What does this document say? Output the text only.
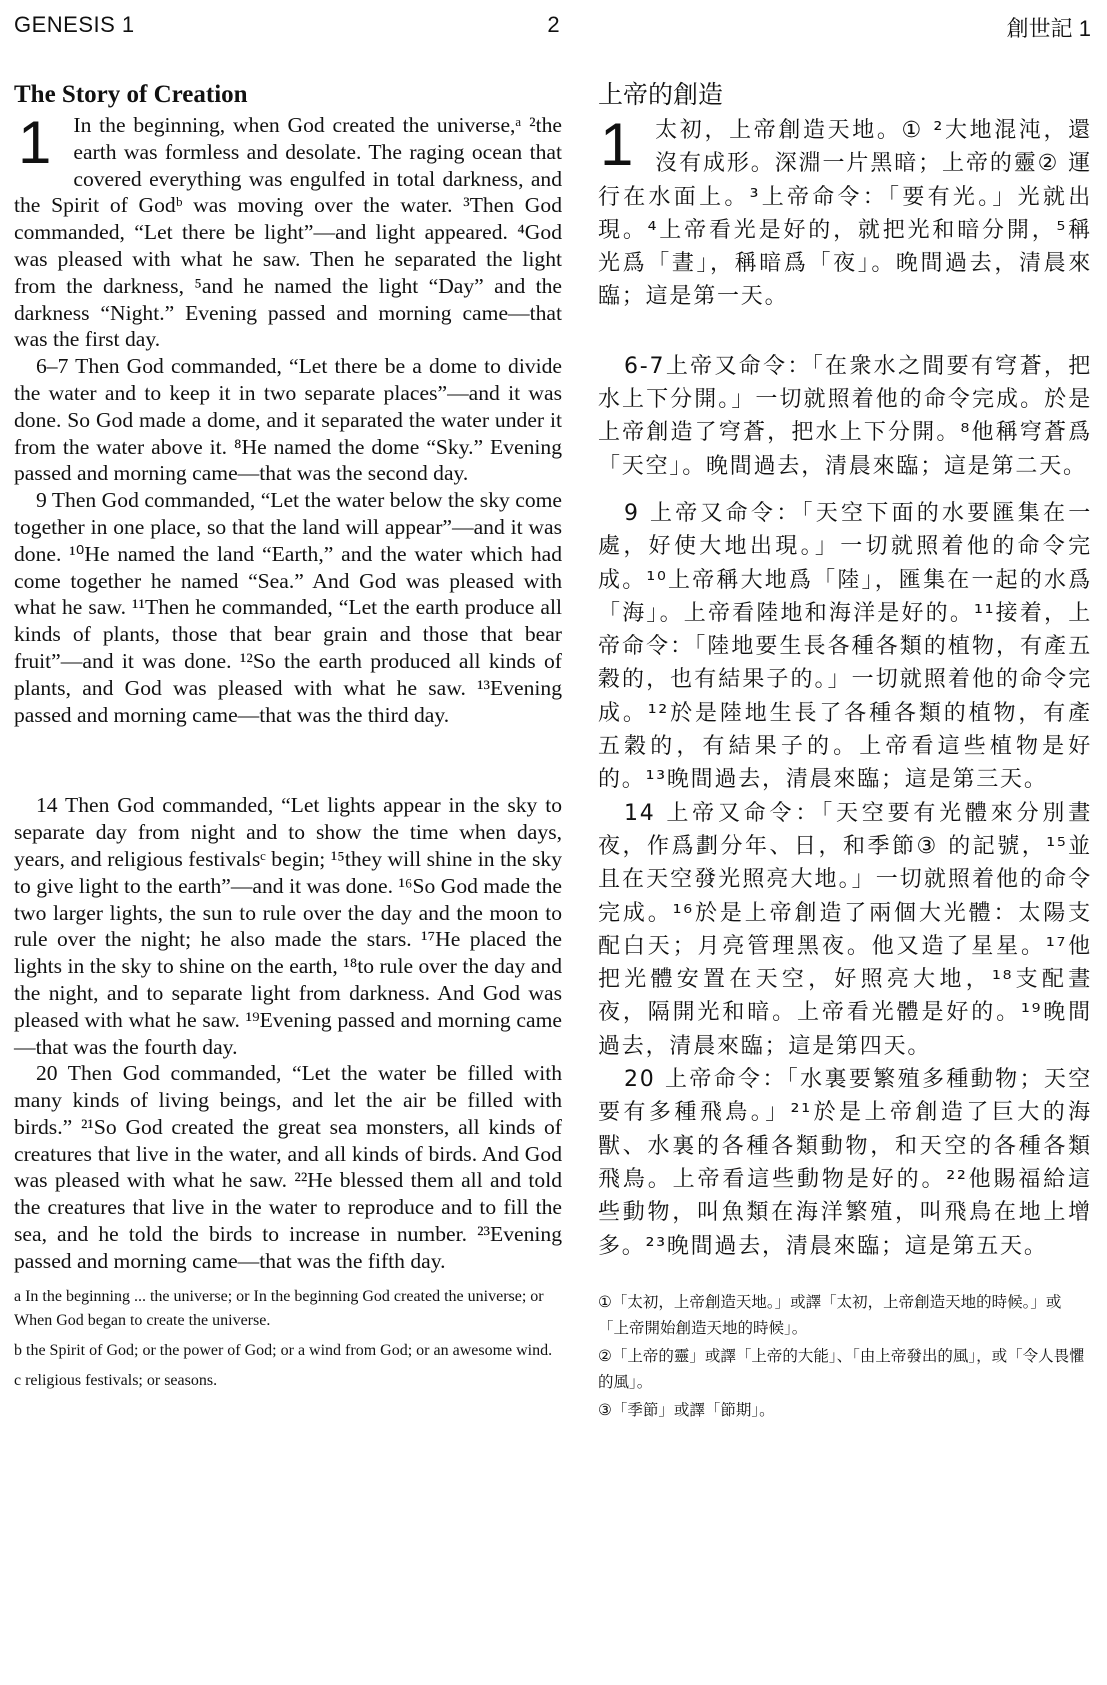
GENESIS 1	2	創世記 1
The Story of Creation

1 In the beginning, when God created the universe,ᵃ ²the earth was formless and desolate. The raging ocean that covered everything was engulfed in total darkness, and the Spirit of Godᵇ was moving over the water. ³Then God commanded, “Let there be light”—and light appeared. ⁴God was pleased with what he saw. Then he separated the light from the darkness, ⁵and he named the light “Day” and the darkness “Night.” Evening passed and morning came—that was the first day.

6–7 Then God commanded, “Let there be a dome to divide the water and to keep it in two separate places”—and it was done. So God made a dome, and it separated the water under it from the water above it. ⁸He named the dome “Sky.” Evening passed and morning came—that was the second day.

9 Then God commanded, “Let the water below the sky come together in one place, so that the land will appear”—and it was done. ¹⁰He named the land “Earth,” and the water which had come together he named “Sea.” And God was pleased with what he saw. ¹¹Then he commanded, “Let the earth produce all kinds of plants, those that bear grain and those that bear fruit”—and it was done. ¹²So the earth produced all kinds of plants, and God was pleased with what he saw. ¹³Evening passed and morning came—that was the third day.

14 Then God commanded, “Let lights appear in the sky to separate day from night and to show the time when days, years, and religious festivalsᶜ begin; ¹⁵they will shine in the sky to give light to the earth”—and it was done. ¹⁶So God made the two larger lights, the sun to rule over the day and the moon to rule over the night; he also made the stars. ¹⁷He placed the lights in the sky to shine on the earth, ¹⁸to rule over the day and the night, and to separate light from darkness. And God was pleased with what he saw. ¹⁹Evening passed and morning came—that was the fourth day.

20 Then God commanded, “Let the water be filled with many kinds of living beings, and let the air be filled with birds.” ²¹So God created the great sea monsters, all kinds of creatures that live in the water, and all kinds of birds. And God was pleased with what he saw. ²²He blessed them all and told the creatures that live in the water to reproduce and to fill the sea, and he told the birds to increase in number. ²³Evening passed and morning came—that was the fifth day.

a In the beginning ... the universe; or In the beginning God created the universe; or When God began to create the universe.

b the Spirit of God; or the power of God; or a wind from God; or an awesome wind.

c religious festivals; or seasons.

上帝的創造

1 太初，上帝創造天地。① ²大地混沌，還沒有成形。深淵一片黑暗；上帝的靈② 運行在水面上。³上帝命令：「要有光。」光就出現。⁴上帝看光是好的，就把光和暗分開，⁵稱光爲「晝」，稱暗爲「夜」。晚間過去，清晨來臨；這是第一天。

6-7上帝又命令：「在衆水之間要有穹蒼，把水上下分開。」一切就照着他的命令完成。於是上帝創造了穹蒼，把水上下分開。⁸他稱穹蒼爲「天空」。晚間過去，清晨來臨；這是第二天。

9 上帝又命令：「天空下面的水要匯集在一處，好使大地出現。」一切就照着他的命令完成。¹⁰上帝稱大地爲「陸」，匯集在一起的水爲「海」。上帝看陸地和海洋是好的。¹¹接着，上帝命令：「陸地要生長各種各類的植物，有產五穀的，也有結果子的。」一切就照着他的命令完成。¹²於是陸地生長了各種各類的植物，有產五穀的，有結果子的。上帝看這些植物是好的。¹³晚間過去，清晨來臨；這是第三天。

14 上帝又命令：「天空要有光體來分別晝夜，作爲劃分年、日，和季節③ 的記號，¹⁵並且在天空發光照亮大地。」一切就照着他的命令完成。¹⁶於是上帝創造了兩個大光體：太陽支配白天；月亮管理黑夜。他又造了星星。¹⁷他把光體安置在天空，好照亮大地，¹⁸支配晝夜，隔開光和暗。上帝看光體是好的。¹⁹晚間過去，清晨來臨；這是第四天。

20 上帝命令：「水裏要繁殖多種動物；天空要有多種飛鳥。」²¹於是上帝創造了巨大的海獸、水裏的各種各類動物，和天空的各種各類飛鳥。上帝看這些動物是好的。²²他賜福給這些動物，叫魚類在海洋繁殖，叫飛鳥在地上增多。²³晚間過去，清晨來臨；這是第五天。

①「太初，上帝創造天地。」或譯「太初，上帝創造天地的時候。」或「上帝開始創造天地的時候」。

②「上帝的靈」或譯「上帝的大能」、「由上帝發出的風」，或「令人畏懼的風」。

③「季節」或譯「節期」。
